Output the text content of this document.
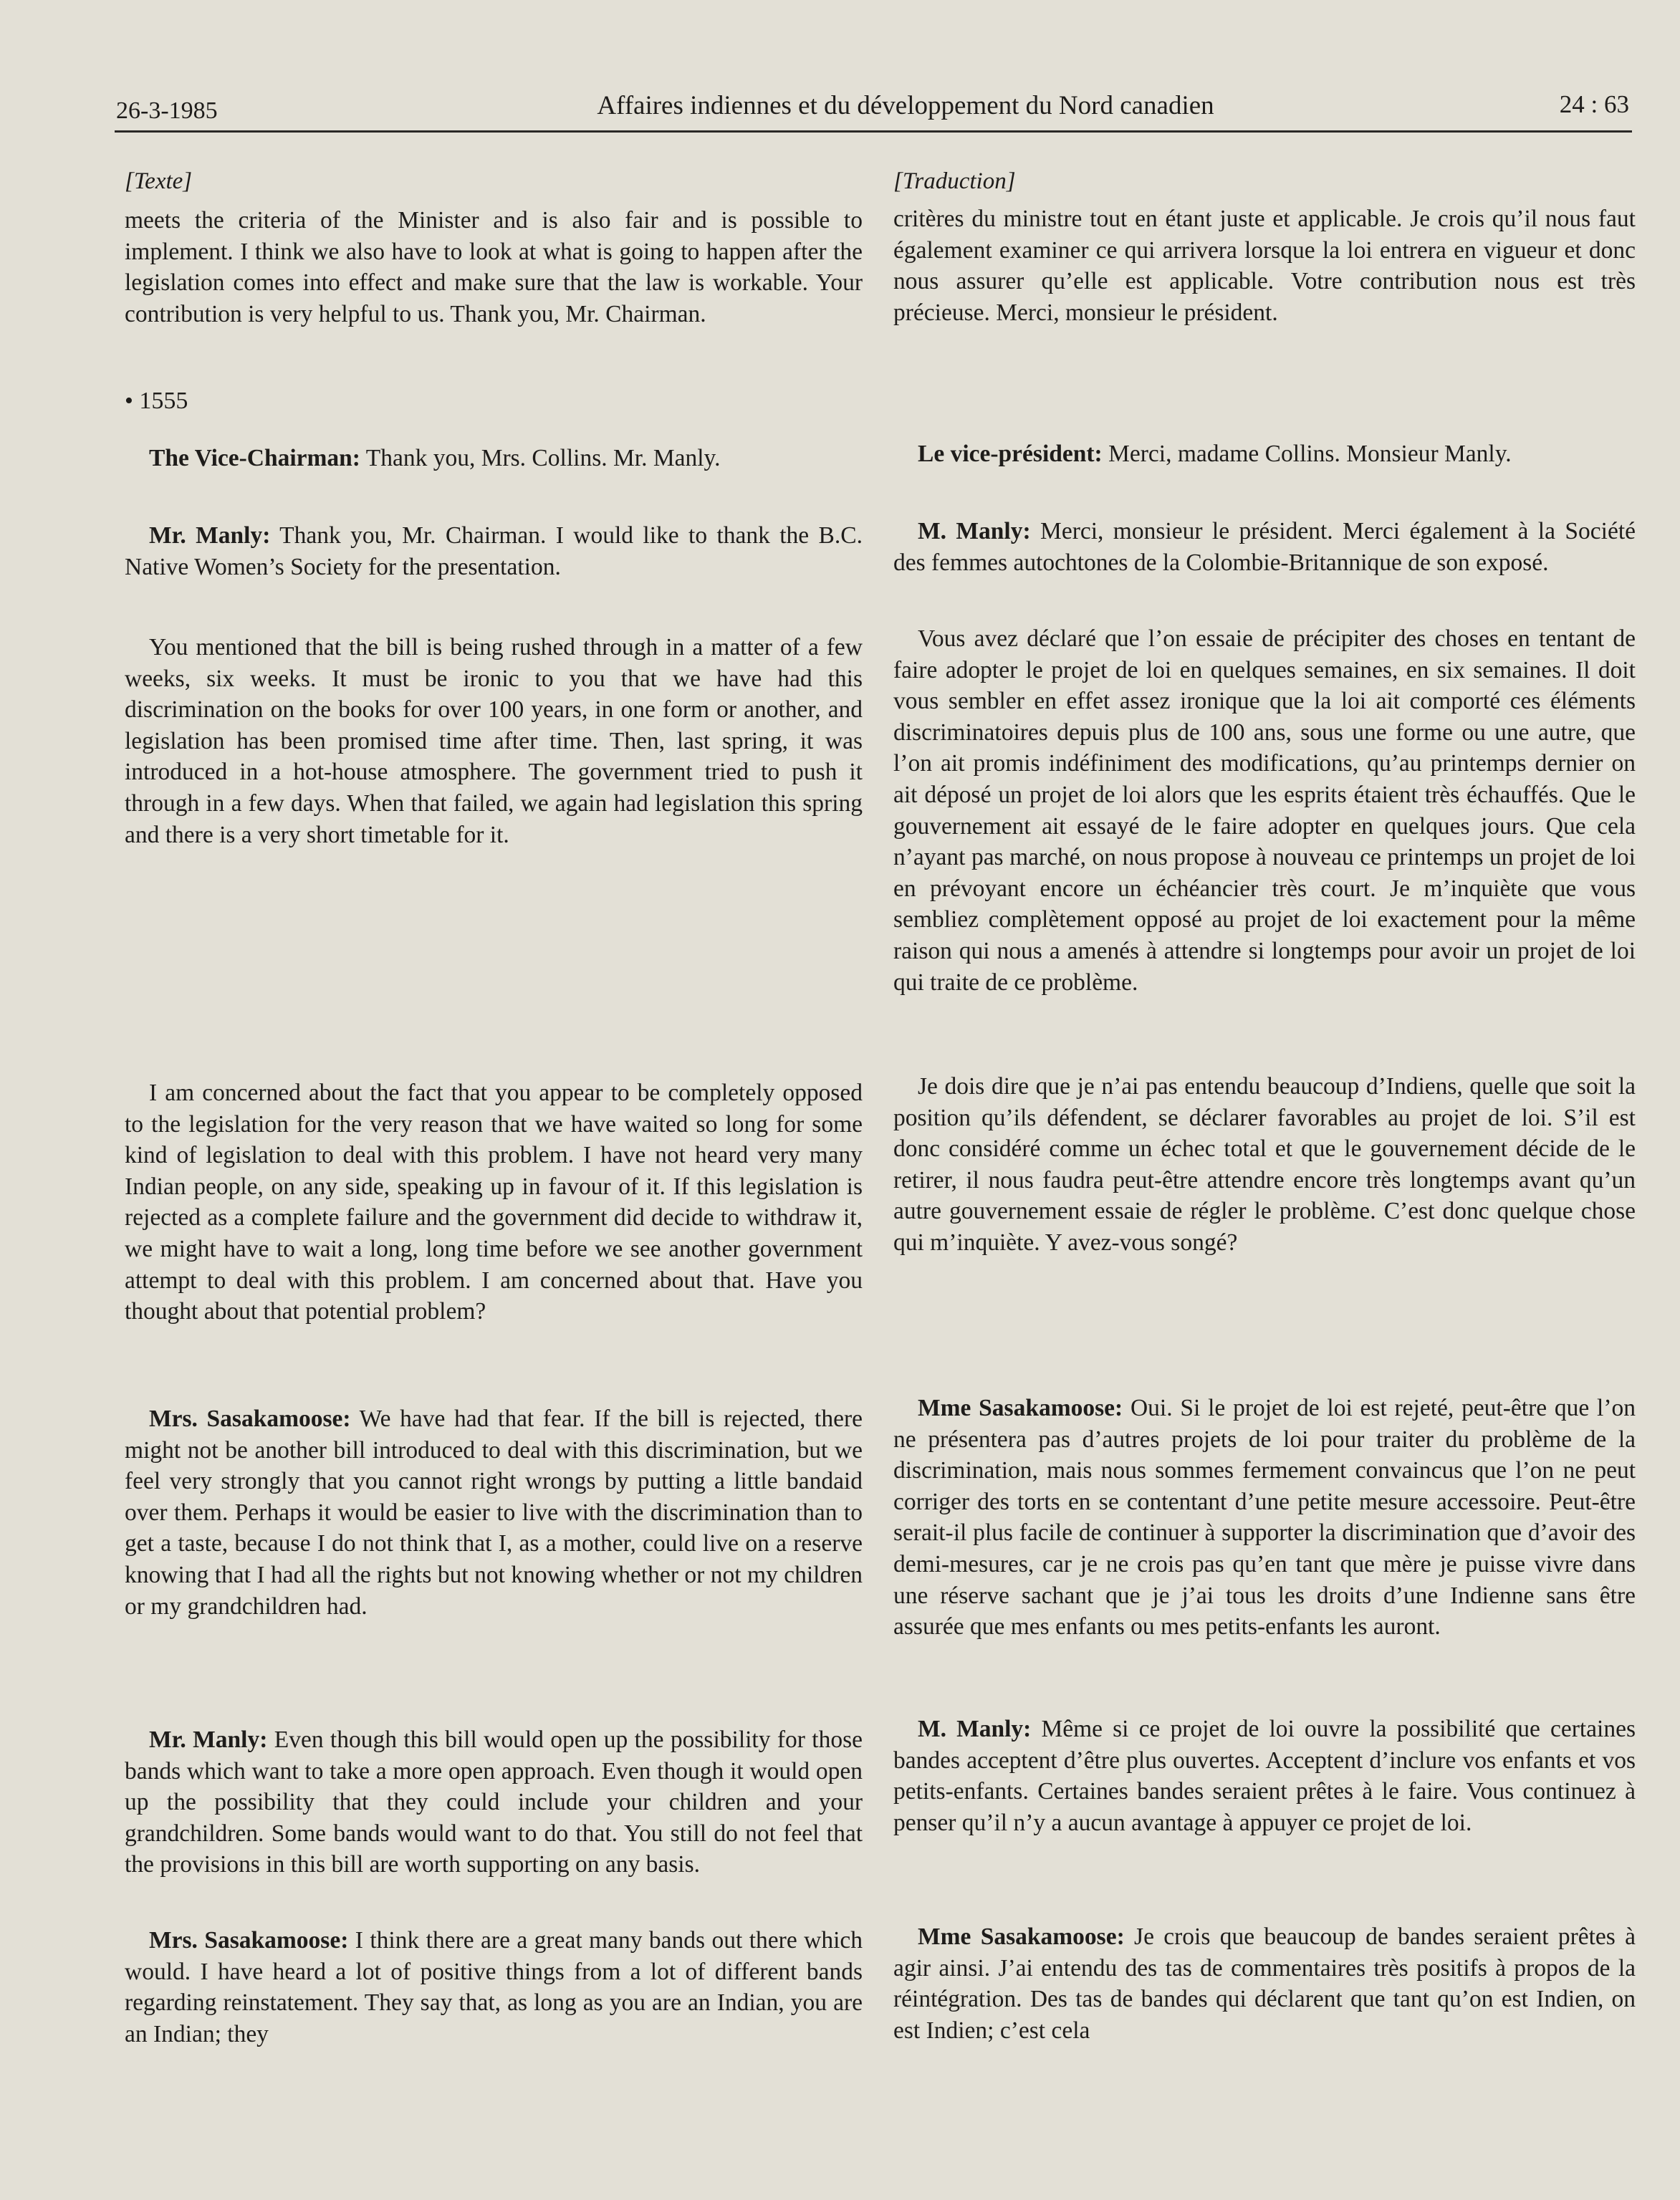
26-3-1985	Affaires indiennes et du développement du Nord canadien	24 : 63
[Texte]

meets the criteria of the Minister and is also fair and is possible to implement. I think we also have to look at what is going to happen after the legislation comes into effect and make sure that the law is workable. Your contribution is very helpful to us. Thank you, Mr. Chairman.

• 1555

The Vice-Chairman: Thank you, Mrs. Collins. Mr. Manly.

Mr. Manly: Thank you, Mr. Chairman. I would like to thank the B.C. Native Women’s Society for the presentation.

You mentioned that the bill is being rushed through in a matter of a few weeks, six weeks. It must be ironic to you that we have had this discrimination on the books for over 100 years, in one form or another, and legislation has been promised time after time. Then, last spring, it was introduced in a hot-house atmosphere. The government tried to push it through in a few days. When that failed, we again had legislation this spring and there is a very short timetable for it.

I am concerned about the fact that you appear to be completely opposed to the legislation for the very reason that we have waited so long for some kind of legislation to deal with this problem. I have not heard very many Indian people, on any side, speaking up in favour of it. If this legislation is rejected as a complete failure and the government did decide to withdraw it, we might have to wait a long, long time before we see another government attempt to deal with this problem. I am concerned about that. Have you thought about that potential problem?

Mrs. Sasakamoose: We have had that fear. If the bill is rejected, there might not be another bill introduced to deal with this discrimination, but we feel very strongly that you cannot right wrongs by putting a little bandaid over them. Perhaps it would be easier to live with the discrimination than to get a taste, because I do not think that I, as a mother, could live on a reserve knowing that I had all the rights but not knowing whether or not my children or my grandchildren had.

Mr. Manly: Even though this bill would open up the possibility for those bands which want to take a more open approach. Even though it would open up the possibility that they could include your children and your grandchildren. Some bands would want to do that. You still do not feel that the provisions in this bill are worth supporting on any basis.

Mrs. Sasakamoose: I think there are a great many bands out there which would. I have heard a lot of positive things from a lot of different bands regarding reinstatement. They say that, as long as you are an Indian, you are an Indian; they

[Traduction]

critères du ministre tout en étant juste et applicable. Je crois qu’il nous faut également examiner ce qui arrivera lorsque la loi entrera en vigueur et donc nous assurer qu’elle est applicable. Votre contribution nous est très précieuse. Merci, monsieur le président.

Le vice-président: Merci, madame Collins. Monsieur Manly.

M. Manly: Merci, monsieur le président. Merci également à la Société des femmes autochtones de la Colombie-Britannique de son exposé.

Vous avez déclaré que l’on essaie de précipiter des choses en tentant de faire adopter le projet de loi en quelques semaines, en six semaines. Il doit vous sembler en effet assez ironique que la loi ait comporté ces éléments discriminatoires depuis plus de 100 ans, sous une forme ou une autre, que l’on ait promis indéfiniment des modifications, qu’au printemps dernier on ait déposé un projet de loi alors que les esprits étaient très échauffés. Que le gouvernement ait essayé de le faire adopter en quelques jours. Que cela n’ayant pas marché, on nous propose à nouveau ce printemps un projet de loi en prévoyant encore un échéancier très court. Je m’inquiète que vous sembliez complètement opposé au projet de loi exactement pour la même raison qui nous a amenés à attendre si longtemps pour avoir un projet de loi qui traite de ce problème.

Je dois dire que je n’ai pas entendu beaucoup d’Indiens, quelle que soit la position qu’ils défendent, se déclarer favorables au projet de loi. S’il est donc considéré comme un échec total et que le gouvernement décide de le retirer, il nous faudra peut-être attendre encore très longtemps avant qu’un autre gouvernement essaie de régler le problème. C’est donc quelque chose qui m’inquiète. Y avez-vous songé?

Mme Sasakamoose: Oui. Si le projet de loi est rejeté, peut-être que l’on ne présentera pas d’autres projets de loi pour traiter du problème de la discrimination, mais nous sommes fermement convaincus que l’on ne peut corriger des torts en se contentant d’une petite mesure accessoire. Peut-être serait-il plus facile de continuer à supporter la discrimination que d’avoir des demi-mesures, car je ne crois pas qu’en tant que mère je puisse vivre dans une réserve sachant que je j’ai tous les droits d’une Indienne sans être assurée que mes enfants ou mes petits-enfants les auront.

M. Manly: Même si ce projet de loi ouvre la possibilité que certaines bandes acceptent d’être plus ouvertes. Acceptent d’inclure vos enfants et vos petits-enfants. Certaines bandes seraient prêtes à le faire. Vous continuez à penser qu’il n’y a aucun avantage à appuyer ce projet de loi.

Mme Sasakamoose: Je crois que beaucoup de bandes seraient prêtes à agir ainsi. J’ai entendu des tas de commentaires très positifs à propos de la réintégration. Des tas de bandes qui déclarent que tant qu’on est Indien, on est Indien; c’est cela
